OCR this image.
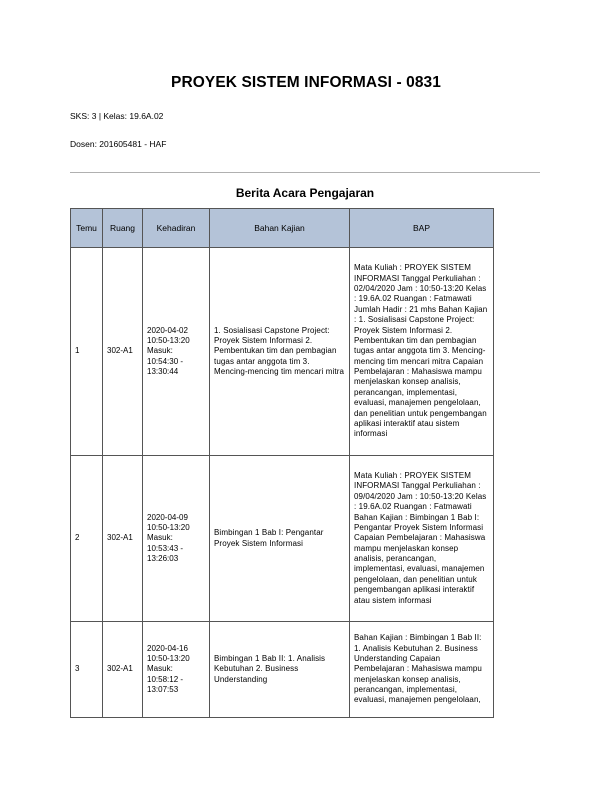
PROYEK SISTEM INFORMASI - 0831
SKS: 3 | Kelas: 19.6A.02
Dosen: 201605481 - HAF
Berita Acara Pengajaran
Temu	Ruang	Kehadiran	Bahan Kajian	BAP
1	302-A1	2020-04-02 10:50-13:20 Masuk: 10:54:30 - 13:30:44	1. Sosialisasi Capstone Project: Proyek Sistem Informasi 2. Pembentukan tim dan pembagian tugas antar anggota tim 3. Mencing-mencing tim mencari mitra	Mata Kuliah : PROYEK SISTEM INFORMASI Tanggal Perkuliahan : 02/04/2020 Jam : 10:50-13:20 Kelas : 19.6A.02 Ruangan : Fatmawati Jumlah Hadir : 21 mhs Bahan Kajian : 1. Sosialisasi Capstone Project: Proyek Sistem Informasi 2. Pembentukan tim dan pembagian tugas antar anggota tim 3. Mencing-mencing tim mencari mitra Capaian Pembelajaran : Mahasiswa mampu menjelaskan konsep analisis, perancangan, implementasi, evaluasi, manajemen pengelolaan, dan penelitian untuk pengembangan aplikasi interaktif atau sistem informasi
2	302-A1	2020-04-09 10:50-13:20 Masuk: 10:53:43 - 13:26:03	Bimbingan 1 Bab I: Pengantar Proyek Sistem Informasi	Mata Kuliah : PROYEK SISTEM INFORMASI Tanggal Perkuliahan : 09/04/2020 Jam : 10:50-13:20 Kelas : 19.6A.02 Ruangan : Fatmawati Bahan Kajian : Bimbingan 1 Bab I: Pengantar Proyek Sistem Informasi Capaian Pembelajaran : Mahasiswa mampu menjelaskan konsep analisis, perancangan, implementasi, evaluasi, manajemen pengelolaan, dan penelitian untuk pengembangan aplikasi interaktif atau sistem informasi
3	302-A1	2020-04-16 10:50-13:20 Masuk: 10:58:12 - 13:07:53	Bimbingan 1 Bab II: 1. Analisis Kebutuhan 2. Business Understanding	Bahan Kajian : Bimbingan 1 Bab II: 1. Analisis Kebutuhan 2. Business Understanding Capaian Pembelajaran : Mahasiswa mampu menjelaskan konsep analisis, perancangan, implementasi, evaluasi, manajemen pengelolaan,
